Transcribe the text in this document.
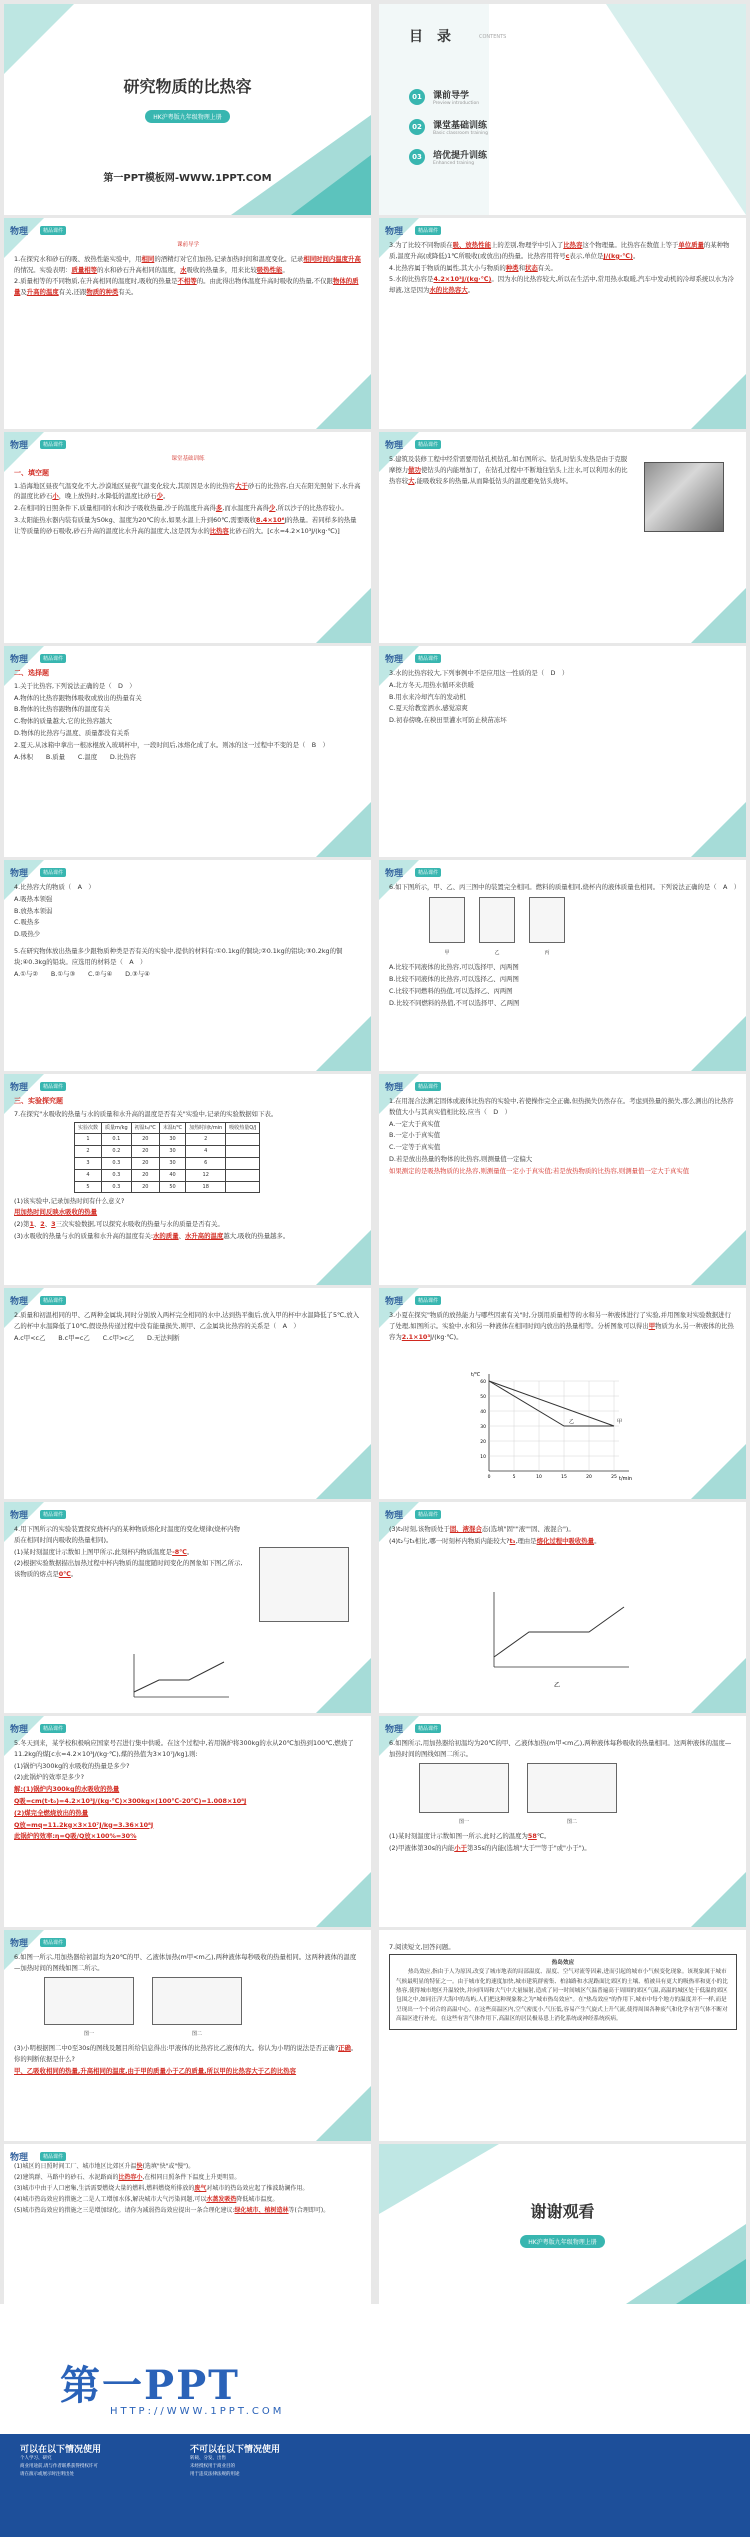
研究物质的比热容
HK沪粤版九年级物理上册
第一PPT模板网-WWW.1PPT.COM
目　录	CONTENTS
01	课前导学
Preview introduction
02	课堂基础训练
Basic classroom training
03	培优提升训练
Enhanced training
物理	精品课件
课前导学

1.在探究水和砂石的吸、放热性能实验中，用相同的酒精灯对它们加热,记录加热时间和温度变化。记录相同时间内温度升高的情况。实验表明：质量相等的水和砂石升高相同的温度，水吸收的热量多，用来比较吸热性能。

2.质量相等的不同物质,在升高相同的温度时,吸收的热量是不相等的。由此得出物体温度升高时吸收的热量,不仅跟物体的质量及升高的温度有关,还跟物质的种类有关。

物理	精品课件

3.为了比较不同物质在吸、放热性能上的差别,物理学中引入了比热容这个物理量。比热容在数值上等于单位质量的某种物质,温度升高(或降低)1℃所吸收(或放出)的热量。比热容用符号c表示,单位是J/(kg·℃)。

4.比热容属于物质的属性,其大小与物质的种类和状态有关。

5.水的比热容是4.2×10³J/(kg·℃)。因为水的比热容较大,所以在生活中,常用热水取暖,汽车中发动机的冷却系统以水为冷却液,这是因为水的比热容大。

物理	精品课件
课堂基础训练
一、填空题

1.沿海地区昼夜气温变化不大,沙漠地区昼夜气温变化较大,其原因是水的比热容大于砂石的比热容,白天在阳光照射下,水升高的温度比砂石小，晚上放热时,水降低的温度比砂石少。

2.在相同的日照条件下,质量相同的水和沙子吸收热量,沙子的温度升高得多,而水温度升高得少,所以沙子的比热容较小。

3.太阳能热水器内装有质量为50kg、温度为20℃的水,如果水温上升到60℃,需要吸收8.4×10⁶J的热量。若同样多的热量让等质量的砂石吸收,砂石升高的温度比水升高的温度大,这是因为水的比热容比砂石的大。[c水=4.2×10³J/(kg·℃)]

物理	精品课件

5.建筑及装修工程中经常需要用钻孔机钻孔,如右图所示。钻孔时钻头发热是由于克服摩擦力做功使钻头的内能增加了，在钻孔过程中不断地往钻头上注水,可以利用水的比热容较大,能吸收较多的热量,从而降低钻头的温度避免钻头烧坏。

物理	精品课件
二、选择题

1.关于比热容,下列说法正确的是（　D　）

A.物体的比热容跟物体吸收或放出的热量有关

B.物体的比热容跟物体的温度有关

C.物体的质量越大,它的比热容越大

D.物体的比热容与温度、质量都没有关系

2.夏天,从冰箱中拿出一根冰棍放入玻璃杯中，一段时间后,冰熔化成了水。则冰的这一过程中不变的是（　B　）

A.体积　　B.质量　　C.温度　　D.比热容

物理	精品课件

3.水的比热容较大,下列事例中不是应用这一性质的是（　D　）

A.北方冬天,用热水循环来供暖

B.用水来冷却汽车的发动机

C.夏天给教室洒水,感觉凉爽

D.初春傍晚,在秧田里灌水可防止秧苗冻坏

物理	精品课件

4.比热容大的物质（　A　）

A.吸热本领强

B.放热本领弱

C.吸热多

D.吸热少

5.在研究物体放出热量多少跟物质种类是否有关的实验中,提供的材料有:①0.1kg的铜块;②0.1kg的铝块;③0.2kg的铜块;④0.3kg的铅块。应选用的材料是（　A　）

A.①与②　　B.①与③　　C.②与④　　D.③与④

物理	精品课件

6.如下图所示，甲、乙、丙三图中的装置完全相同。燃料的质量相同,烧杯内的液体质量也相同。下列说法正确的是（　A　）

甲	乙	丙

A.比较不同液体的比热容,可以选择甲、丙两图

B.比较不同液体的比热容,可以选择乙、丙两图

C.比较不同燃料的热值,可以选择乙、丙两图

D.比较不同燃料的热值,不可以选择甲、乙两图

物理	精品课件
三、实验探究题

7.在探究"水吸收的热量与水的质量和水升高的温度是否有关"实验中,记录的实验数据如下表。

实验次数	质量m/kg	初温t₀/℃	末温t/℃	加热时间t/min	吸收热量Q/J
1	0.1	20	30	2	
2	0.2	20	30	4	
3	0.3	20	30	6	
4	0.3	20	40	12	
5	0.3	20	50	18	

(1)该实验中,记录加热时间有什么意义?
用加热时间反映水吸收的热量

(2)第1、2、3三次实验数据,可以探究水吸收的热量与水的质量是否有关。

(3)水吸收的热量与水的质量和水升高的温度有关:水的质量、水升高的温度越大,吸收的热量越多。

物理	精品课件

1.在用混合法测定固体或液体比热容的实验中,若使操作完全正确,但热损失仍然存在。考虑到热量的损失,那么测出的比热容数值大小与其真实值相比较,应当（　D　）

A.一定大于真实值

B.一定小于真实值

C.一定等于真实值

D.若是放出热量的物体的比热容,则测量值一定偏大

如果测定的是吸热物质的比热容,则测量值一定小于真实值;若是放热物质的比热容,则测量值一定大于真实值

物理	精品课件

2.质量和初温相同的甲、乙两种金属块,同时分别放入两杯完全相同的水中,达到热平衡后,放入甲的杯中水温降低了5℃,放入乙的杯中水温降低了10℃,假设热传递过程中没有能量损失,则甲、乙金属块比热容的关系是（　A　）

A.c甲<c乙　　B.c甲=c乙　　C.c甲>c乙　　D.无法判断

物理	精品课件

3.小夏在探究"物质的放热能力与哪些因素有关"时,分别用质量相等的水和另一种液体进行了实验,并用图象对实验数据进行了处理,如图所示。实验中,水和另一种液体在相同时间内放出的热量相等。分析图象可以得出甲物质为水,另一种液体的比热容为2.1×10³J/(kg·℃)。

t/℃
t/min
甲
乙
60
50
40
30
20
10
0	5	10	15	20	25
物理	精品课件

4.用下图所示的实验装置探究烧杯内的某种物质熔化时温度的变化规律(烧杯内物质在相同时间内吸收的热量相同)。

(1)某时刻温度计示数如上图甲所示,此刻杯内物质温度是-8℃。

(2)根据实验数据描出加热过程中杯内物质的温度随时间变化的图象如下图乙所示,该物质的熔点是0℃。

物理	精品课件

(3)t₂时刻,该物质处于固、液混合态(选填"固""液""固、液混合")。

(4)t₂与t₃相比,哪一时刻杯内物质内能较大?t₃,理由是熔化过程中吸收热量。

乙
物理	精品课件

5.冬天到来，某学校积极响应国家号召进行集中供暖。在这个过程中,若用锅炉将300kg的水从20℃加热到100℃,燃烧了11.2kg的煤[c水=4.2×10³J/(kg·℃),煤的热值为3×10⁷J/kg],则:

(1)锅炉内300kg的水吸收的热量是多少?

(2)此锅炉的效率是多少?

解:(1)锅炉内300kg的水吸收的热量

Q吸=cm(t-t₀)=4.2×10³J/(kg·℃)×300kg×(100℃-20℃)=1.008×10⁸J

(2)煤完全燃烧放出的热量

Q放=mq=11.2kg×3×10⁷J/kg=3.36×10⁸J

此锅炉的效率:η=Q吸/Q放×100%=30%

物理	精品课件

6.如图所示,用加热器给初温均为20℃的甲、乙液体加热(m甲<m乙),两种液体每秒吸收的热量相同。这两种液体的温度—加热时间的图线如图二所示。

图一	图二

(1)某时刻温度计示数如图一所示,此时乙的温度为58℃。

(2)甲液体第30s的内能小于第35s的内能(选填"大于""等于"或"小于")。

物理	精品课件

6.如图一所示,用加热器给初温均为20℃的甲、乙液体加热(m甲<m乙),两种液体每秒吸收的热量相同。这两种液体的温度—加热时间的图线如图二所示。

图一	图二

(3)小明根据图二中0至30s的图线及题目所给信息得出:甲液体的比热容比乙液体的大。你认为小明的说法是否正确?正确。你的判断依据是什么?

甲、乙吸收相同的热量,升高相同的温度,由于甲的质量小于乙的质量,所以甲的比热容大于乙的比热容

7.阅读短文,回答问题。

热岛效应
热岛效应,指由于人为原因,改变了城市地表的局部温度、湿度、空气对流等因素,进而引起的城市小气候变化现象。该现象属于城市气候最明显的特征之一。由于城市化的速度加快,城市建筑群密集、柏油路和水泥路面比郊区的土壤、植被具有更大的吸热率和更小的比热容,使得城市地区升温较快,并向四周和大气中大量辐射,造成了同一时间城区气温普遍高于周围的郊区气温,高温的城区处于低温的郊区包围之中,如同汪洋大海中的岛屿,人们把这种现象称之为"城市热岛效应"。在"热岛效应"的作用下,城市中每个地方的温度并不一样,而是呈现出一个个闭合的高温中心。在这些高温区内,空气密度小,气压低,容易产生气旋式上升气流,使得周围各种废气和化学有害气体不断对高温区进行补充。在这些有害气体作用下,高温区的居民极易患上消化系统或神经系统疾病。
物理	精品课件

(1)城区的日照时间工厂、城市地区比郊区升温快(选填"快"或"慢")。

(2)建筑群、马路中的砂石、水泥路面的比热容小,在相同日照条件下温度上升更明显。

(3)城市中由于人口密集,生活需要燃烧大量的燃料,燃料燃烧所排放的废气对城市的热岛效应起了推波助澜作用。

(4)城市热岛效应的措施之二是人工增加水体,解决城市大气污染问题,可以水蒸发吸热降低城市温度。

(5)城市热岛效应的措施之三是增加绿化。请你为减弱热岛效应提出一条合理化建议:绿化城市、植树造林等(合理即可)。	谢谢观看
HK沪粤版九年级物理上册
第一PPT
HTTP://WWW.1PPT.COM
可以在以下情况使用
个人学习、研究
商业用途前,请与作者联系获得授权许可
请在演示或展示时注明出处
不可以在以下情况使用
转载、分发、出售
未经授权用于商业目的
用于违反法律法规的用途
